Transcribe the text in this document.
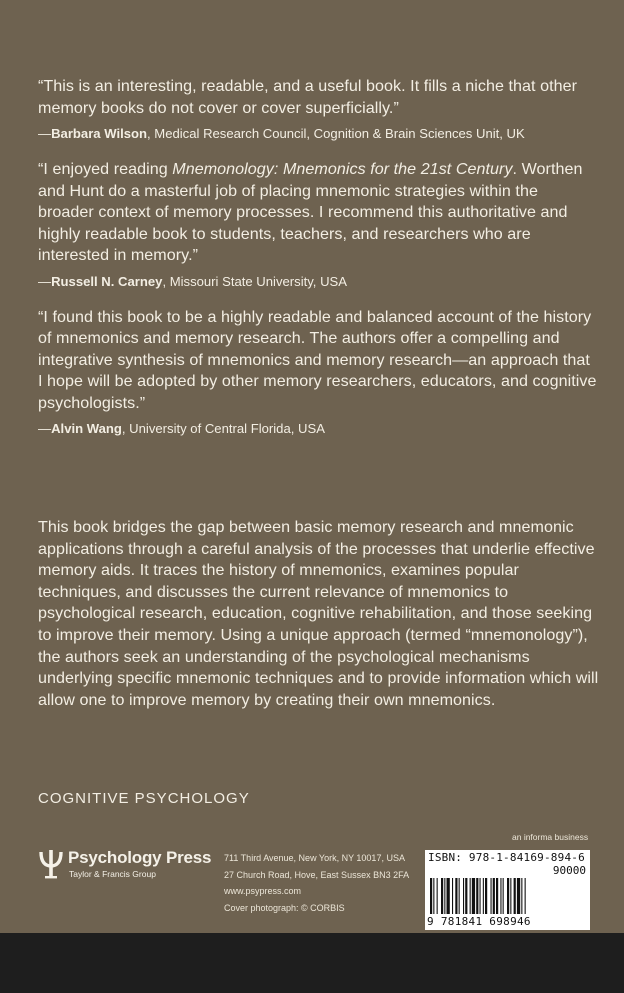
“This is an interesting, readable, and a useful book. It fills a niche that other memory books do not cover or cover superficially.”
—Barbara Wilson, Medical Research Council, Cognition & Brain Sciences Unit, UK
“I enjoyed reading Mnemonology: Mnemonics for the 21st Century. Worthen and Hunt do a masterful job of placing mnemonic strategies within the broader context of memory processes. I recommend this authoritative and highly readable book to students, teachers, and researchers who are interested in memory.”
—Russell N. Carney, Missouri State University, USA
“I found this book to be a highly readable and balanced account of the history of mnemonics and memory research. The authors offer a compelling and integrative synthesis of mnemonics and memory research—an approach that I hope will be adopted by other memory researchers, educators, and cognitive psychologists.”
—Alvin Wang, University of Central Florida, USA
This book bridges the gap between basic memory research and mnemonic applications through a careful analysis of the processes that underlie effective memory aids. It traces the history of mnemonics, examines popular techniques, and discusses the current relevance of mnemonics to psychological research, education, cognitive rehabilitation, and those seeking to improve their memory. Using a unique approach (termed “mnemonology”), the authors seek an understanding of the psychological mechanisms underlying specific mnemonic techniques and to provide information which will allow one to improve memory by creating their own mnemonics.
COGNITIVE PSYCHOLOGY
an informa business
Psychology Press
Taylor & Francis Group
711 Third Avenue, New York, NY 10017, USA
27 Church Road, Hove, East Sussex BN3 2FA
www.psypress.com
Cover photograph: © CORBIS
ISBN: 978-1-84169-894-6
90000
9 781841 698946
